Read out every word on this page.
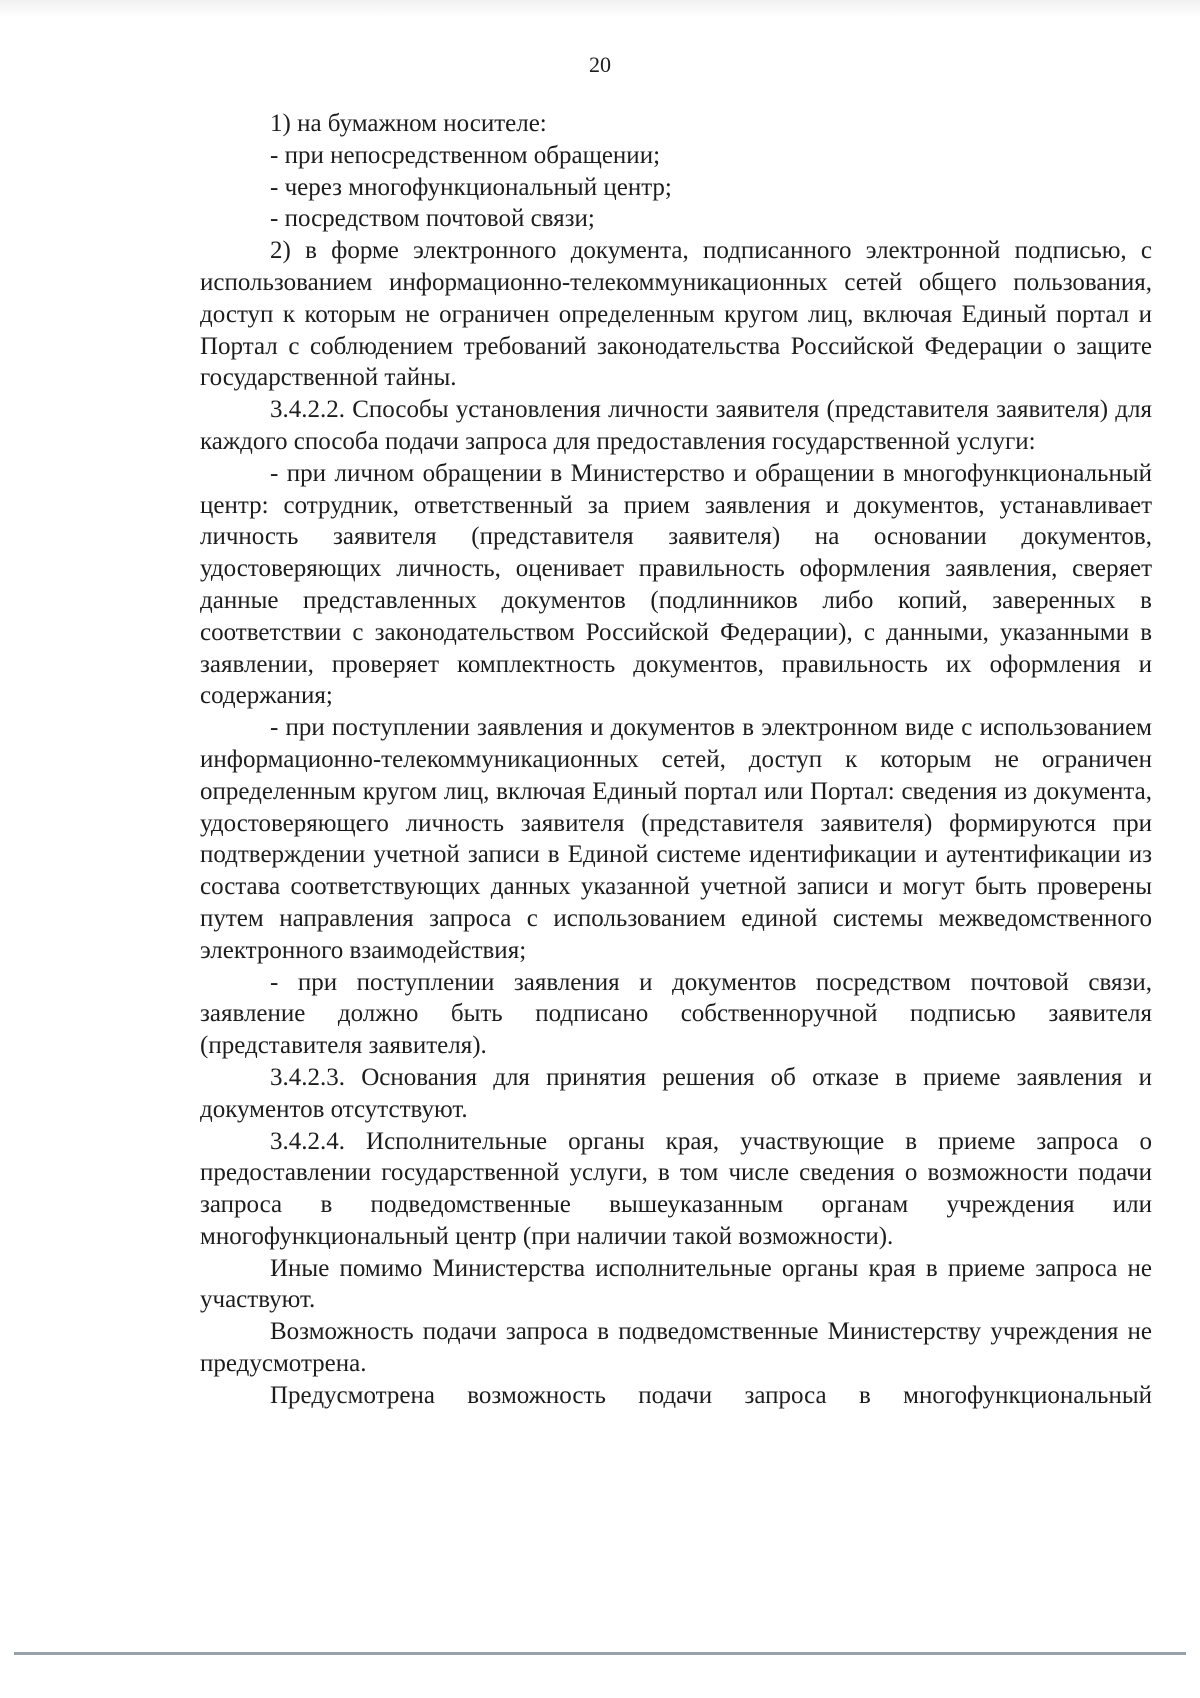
20

1) на бумажном носителе:

- при непосредственном обращении;

- через многофункциональный центр;

- посредством почтовой связи;

2) в форме электронного документа, подписанного электронной подписью, с использованием информационно-телекоммуникационных сетей общего пользования, доступ к которым не ограничен определенным кругом лиц, включая Единый портал и Портал с соблюдением требований законодательства Российской Федерации о защите государственной тайны.

3.4.2.2. Способы установления личности заявителя (представителя заявителя) для каждого способа подачи запроса для предоставления государственной услуги:

- при личном обращении в Министерство и обращении в многофункциональный центр: сотрудник, ответственный за прием заявления и документов, устанавливает личность заявителя (представителя заявителя) на основании документов, удостоверяющих личность, оценивает правильность оформления заявления, сверяет данные представленных документов (подлинников либо копий, заверенных в соответствии с законодательством Российской Федерации), с данными, указанными в заявлении, проверяет комплектность документов, правильность их оформления и содержания;

- при поступлении заявления и документов в электронном виде с использованием информационно-телекоммуникационных сетей, доступ к которым не ограничен определенным кругом лиц, включая Единый портал или Портал: сведения из документа, удостоверяющего личность заявителя (представителя заявителя) формируются при подтверждении учетной записи в Единой системе идентификации и аутентификации из состава соответствующих данных указанной учетной записи и могут быть проверены путем направления запроса с использованием единой системы межведомственного электронного взаимодействия;

- при поступлении заявления и документов посредством почтовой связи, заявление должно быть подписано собственноручной подписью заявителя (представителя заявителя).

3.4.2.3. Основания для принятия решения об отказе в приеме заявления и документов отсутствуют.

3.4.2.4. Исполнительные органы края, участвующие в приеме запроса о предоставлении государственной услуги, в том числе сведения о возможности подачи запроса в подведомственные вышеуказанным органам учреждения или многофункциональный центр (при наличии такой возможности).

Иные помимо Министерства исполнительные органы края в приеме запроса не участвуют.

Возможность подачи запроса в подведомственные Министерству учреждения не предусмотрена.

Предусмотрена возможность подачи запроса в многофункциональный
